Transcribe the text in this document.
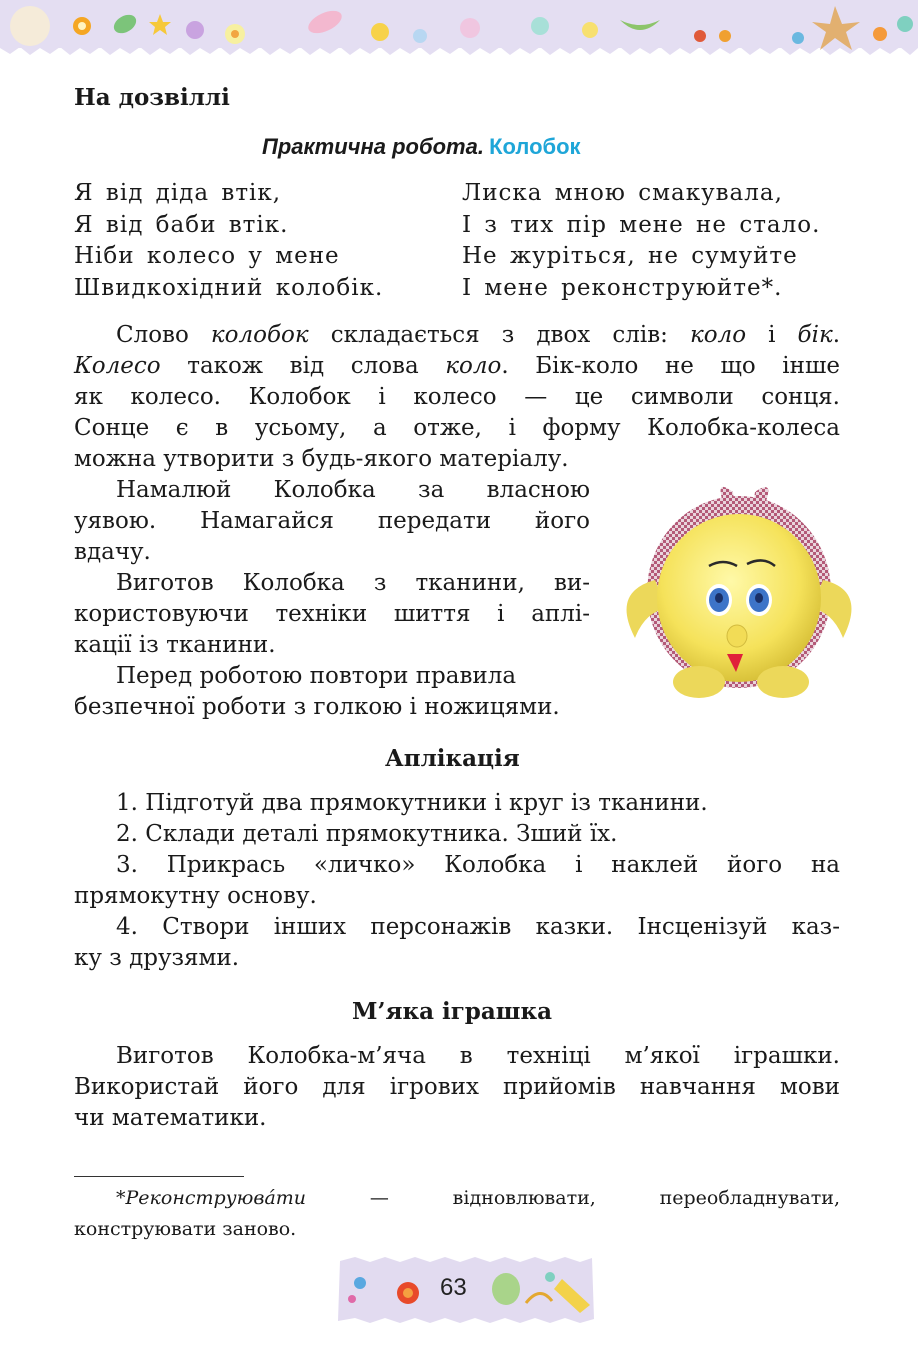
На дозвіллі
Практична робота. Колобок
Я від діда втік,
Я від баби втік.
Ніби колесо у мене
Швидкохідний колобік.
Лиска мною смакувала,
І з тих пір мене не стало.
Не журіться, не сумуйте
І мене реконструюйте*.
Слово колобок складається з двох слів: коло і бік.
Колесо також від слова коло. Бік-коло не що інше
як колесо. Колобок і колесо — це символи сонця.
Сонце є в усьому, а отже, і форму Колобка-колеса
можна утворити з будь-якого матеріалу.
Намалюй Колобка за власною
уявою. Намагайся передати його
вдачу.
Виготов Колобка з тканини, ви-
користовуючи техніки шиття і аплі-
кації із тканини.
Перед роботою повтори правила
безпечної роботи з голкою і ножицями.
Аплікація
1. Підготуй два прямокутники і круг із тканини.
2. Склади деталі прямокутника. Зший їх.
3. Прикрась «личко» Колобка і наклей його на
прямокутну основу.
4. Створи інших персонажів казки. Інсценізуй каз-
ку з друзями.
М’яка іграшка
Виготов Колобка-м’яча в техніці м’якої іграшки.
Використай його для ігрових прийомів навчання мови
чи математики.
*Реконструюва́ти — відновлювати, переобладнувати,
конструювати заново.
63
